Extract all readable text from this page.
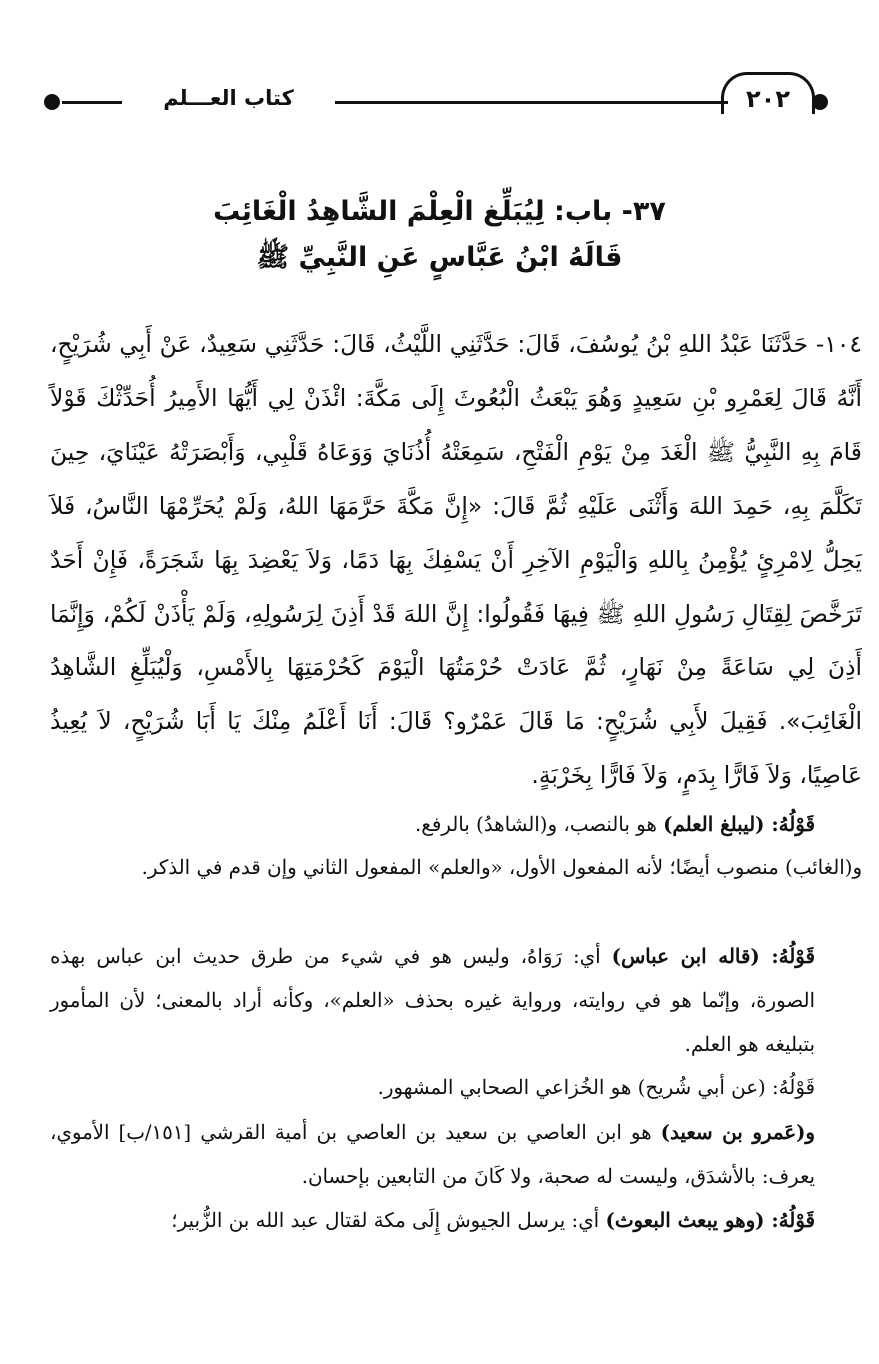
٢٠٢
كتاب العـــلم
٣٧- باب: لِيُبَلِّغ الْعِلْمَ الشَّاهِدُ الْغَائِبَ
قَالَهُ ابْنُ عَبَّاسٍ عَنِ النَّبِيِّ ﷺ
١٠٤- حَدَّثَنَا عَبْدُ اللهِ بْنُ يُوسُفَ، قَالَ: حَدَّثَنِي اللَّيْثُ، قَالَ: حَدَّثَنِي سَعِيدٌ، عَنْ أَبِي شُرَيْحٍ، أَنَّهُ قَالَ لِعَمْرِو بْنِ سَعِيدٍ وَهُوَ يَبْعَثُ الْبُعُوثَ إِلَى مَكَّةَ: ائْذَنْ لِي أَيُّهَا الأَمِيرُ أُحَدِّثْكَ قَوْلاً قَامَ بِهِ النَّبِيُّ ﷺ الْغَدَ مِنْ يَوْمِ الْفَتْحِ، سَمِعَتْهُ أُذُنَايَ وَوَعَاهُ قَلْبِي، وَأَبْصَرَتْهُ عَيْنَايَ، حِينَ تَكَلَّمَ بِهِ، حَمِدَ اللهَ وَأَثْنَى عَلَيْهِ ثُمَّ قَالَ: «إِنَّ مَكَّةَ حَرَّمَهَا اللهُ، وَلَمْ يُحَرِّمْهَا النَّاسُ، فَلاَ يَحِلُّ لِامْرِئٍ يُؤْمِنُ بِاللهِ وَالْيَوْمِ الآخِرِ أَنْ يَسْفِكَ بِهَا دَمًا، وَلاَ يَعْضِدَ بِهَا شَجَرَةً، فَإِنْ أَحَدٌ تَرَخَّصَ لِقِتَالِ رَسُولِ اللهِ ﷺ فِيهَا فَقُولُوا: إِنَّ اللهَ قَدْ أَذِنَ لِرَسُولِهِ، وَلَمْ يَأْذَنْ لَكُمْ، وَإِنَّمَا أَذِنَ لِي سَاعَةً مِنْ نَهَارٍ، ثُمَّ عَادَتْ حُرْمَتُهَا الْيَوْمَ كَحُرْمَتِهَا بِالأَمْسِ، وَلْيُبَلِّغِ الشَّاهِدُ الْغَائِبَ». فَقِيلَ لأَبِي شُرَيْحٍ: مَا قَالَ عَمْرٌو؟ قَالَ: أَنَا أَعْلَمُ مِنْكَ يَا أَبَا شُرَيْحٍ، لاَ يُعِيذُ عَاصِيًا، وَلاَ فَارًّا بِدَمٍ، وَلاَ فَارًّا بِخَرْبَةٍ.
قَوْلُهُ: (ليبلغ العلم) هو بالنصب، و(الشاهدُ) بالرفع.
و(الغائب) منصوب أيضًا؛ لأنه المفعول الأول، «والعلم» المفعول الثاني وإن قدم في الذكر.
قَوْلُهُ: (قاله ابن عباس) أي: رَوَاهُ، وليس هو في شيء من طرق حديث ابن عباس بهذه الصورة، وإنّما هو في روايته، ورواية غيره بحذف «العلم»، وكأنه أراد بالمعنى؛ لأن المأمور بتبليغه هو العلم.
قَوْلُهُ: (عن أبي شُريح) هو الخُزاعي الصحابي المشهور.
و(عَمرو بن سعيد) هو ابن العاصي بن سعيد بن العاصي بن أمية القرشي [١٥١/ب] الأموي، يعرف: بالأشدَق، وليست له صحبة، ولا كَانَ من التابعين بإحسان.
قَوْلُهُ: (وهو يبعث البعوث) أي: يرسل الجيوش إِلَى مكة لقتال عبد الله بن الزُّبير؛
